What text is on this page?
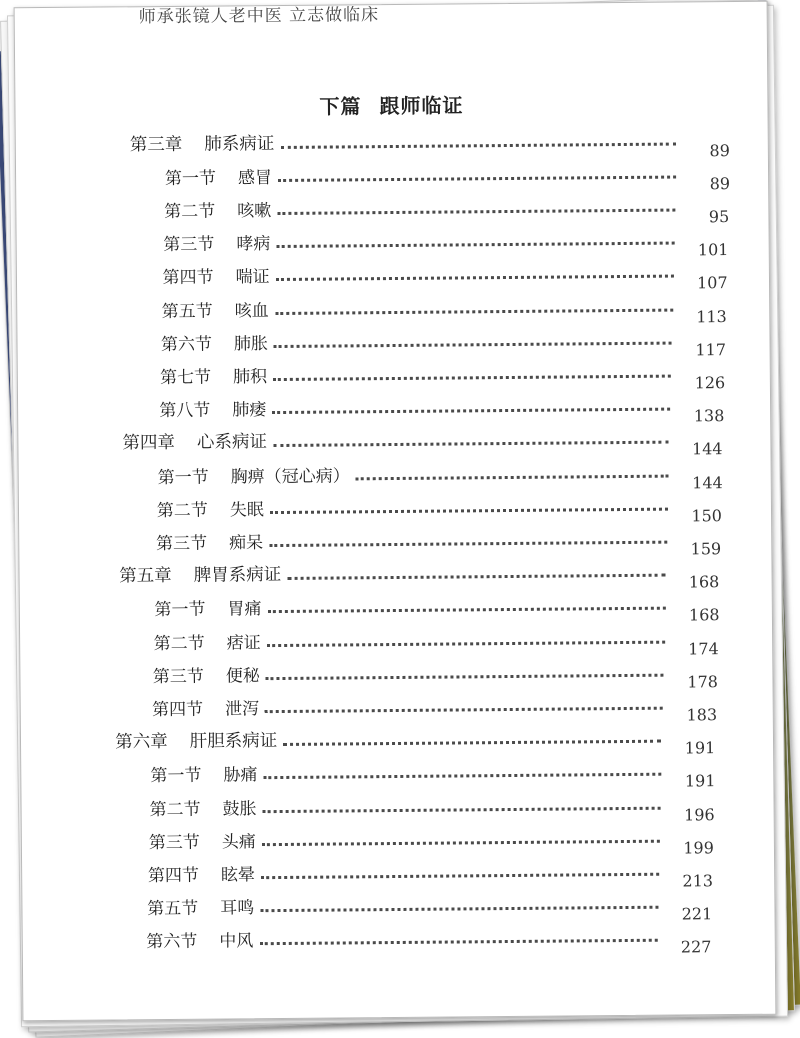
师承张镜人老中医 立志做临床
下篇 跟师临证
第三章 肺系病证	89
第一节 感冒	89
第二节 咳嗽	95
第三节 哮病	101
第四节 喘证	107
第五节 咳血	113
第六节 肺胀	117
第七节 肺积	126
第八节 肺痿	138
第四章 心系病证	144
第一节 胸痹（冠心病）	144
第二节 失眠	150
第三节 痴呆	159
第五章 脾胃系病证	168
第一节 胃痛	168
第二节 痞证	174
第三节 便秘	178
第四节 泄泻	183
第六章 肝胆系病证	191
第一节 胁痛	191
第二节 鼓胀	196
第三节 头痛	199
第四节 眩晕	213
第五节 耳鸣	221
第六节 中风	227
